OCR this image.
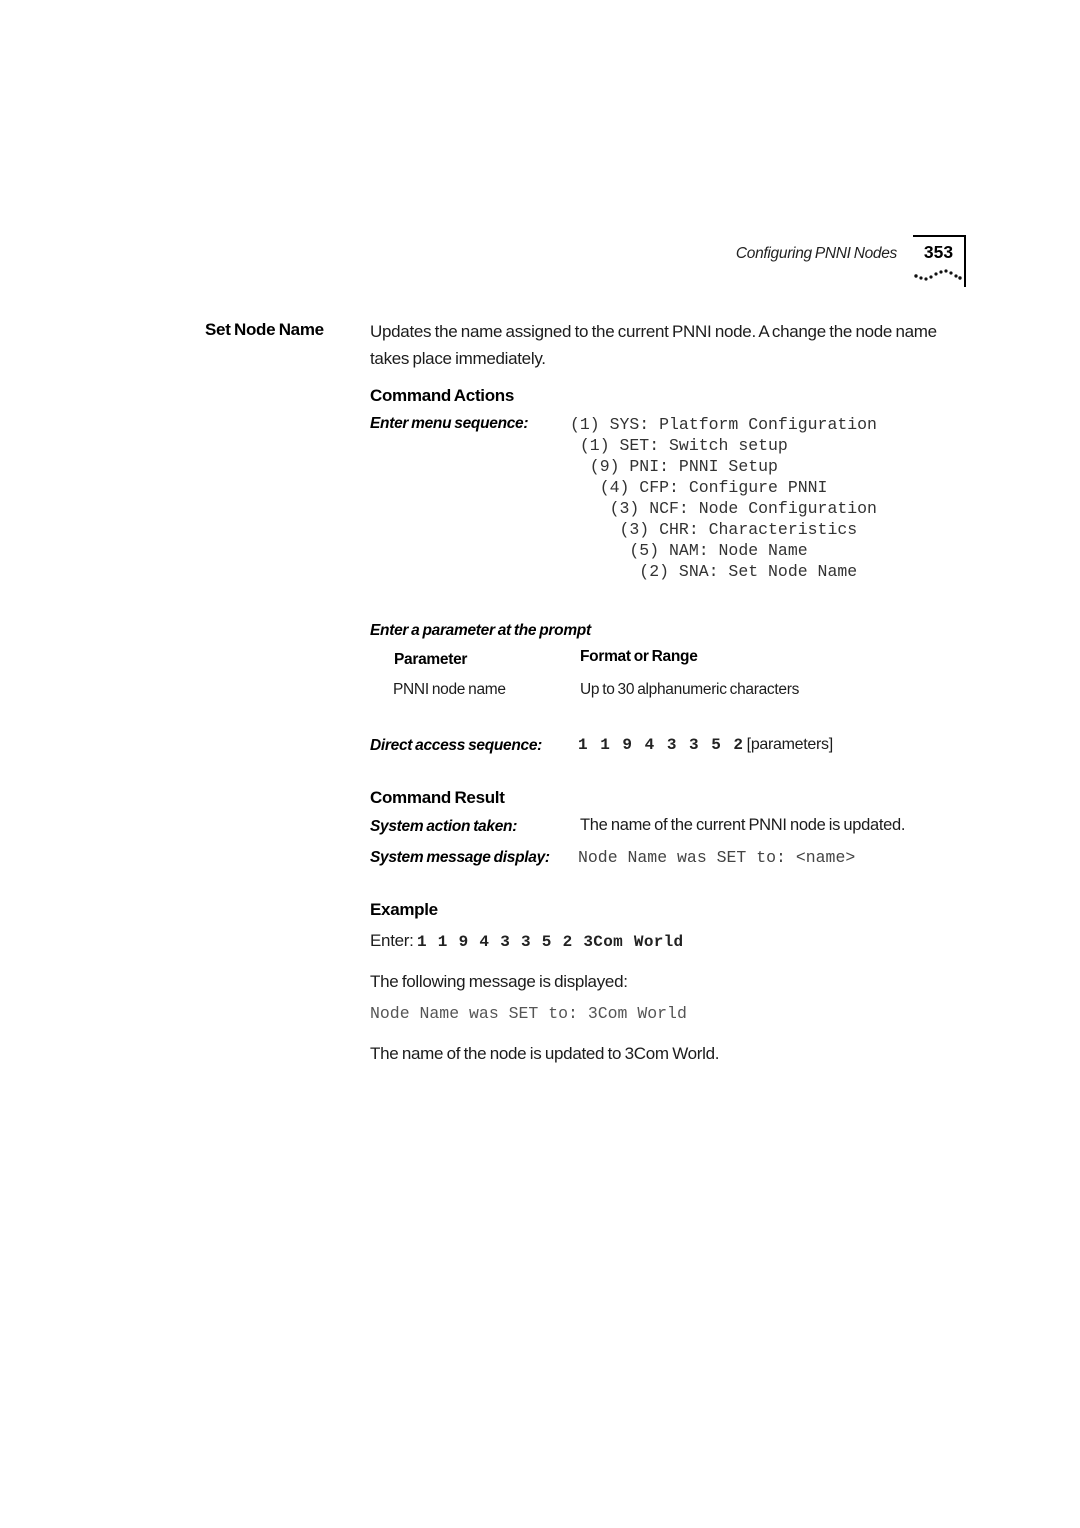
Configuring PNNI Nodes	353
Set Node Name	Updates the name assigned to the current PNNI node. A change the node name takes place immediately.
Command Actions
Enter menu sequence:	(1) SYS: Platform Configuration
(1) SET: Switch setup
(9) PNI: PNNI Setup
(4) CFP: Configure PNNI
(3) NCF: Node Configuration
(3) CHR: Characteristics
(5) NAM: Node Name
(2) SNA: Set Node Name
Enter a parameter at the prompt
Parameter	Format or Range
PNNI node name	Up to 30 alphanumeric characters
Direct access sequence: 1 1 9 4 3 3 5 2 [parameters]
Command Result
System action taken:	The name of the current PNNI node is updated.
System message display: Node Name was SET to: <name>
Example
Enter: 1 1 9 4 3 3 5 2 3Com World
The following message is displayed:
Node Name was SET to: 3Com World
The name of the node is updated to 3Com World.
